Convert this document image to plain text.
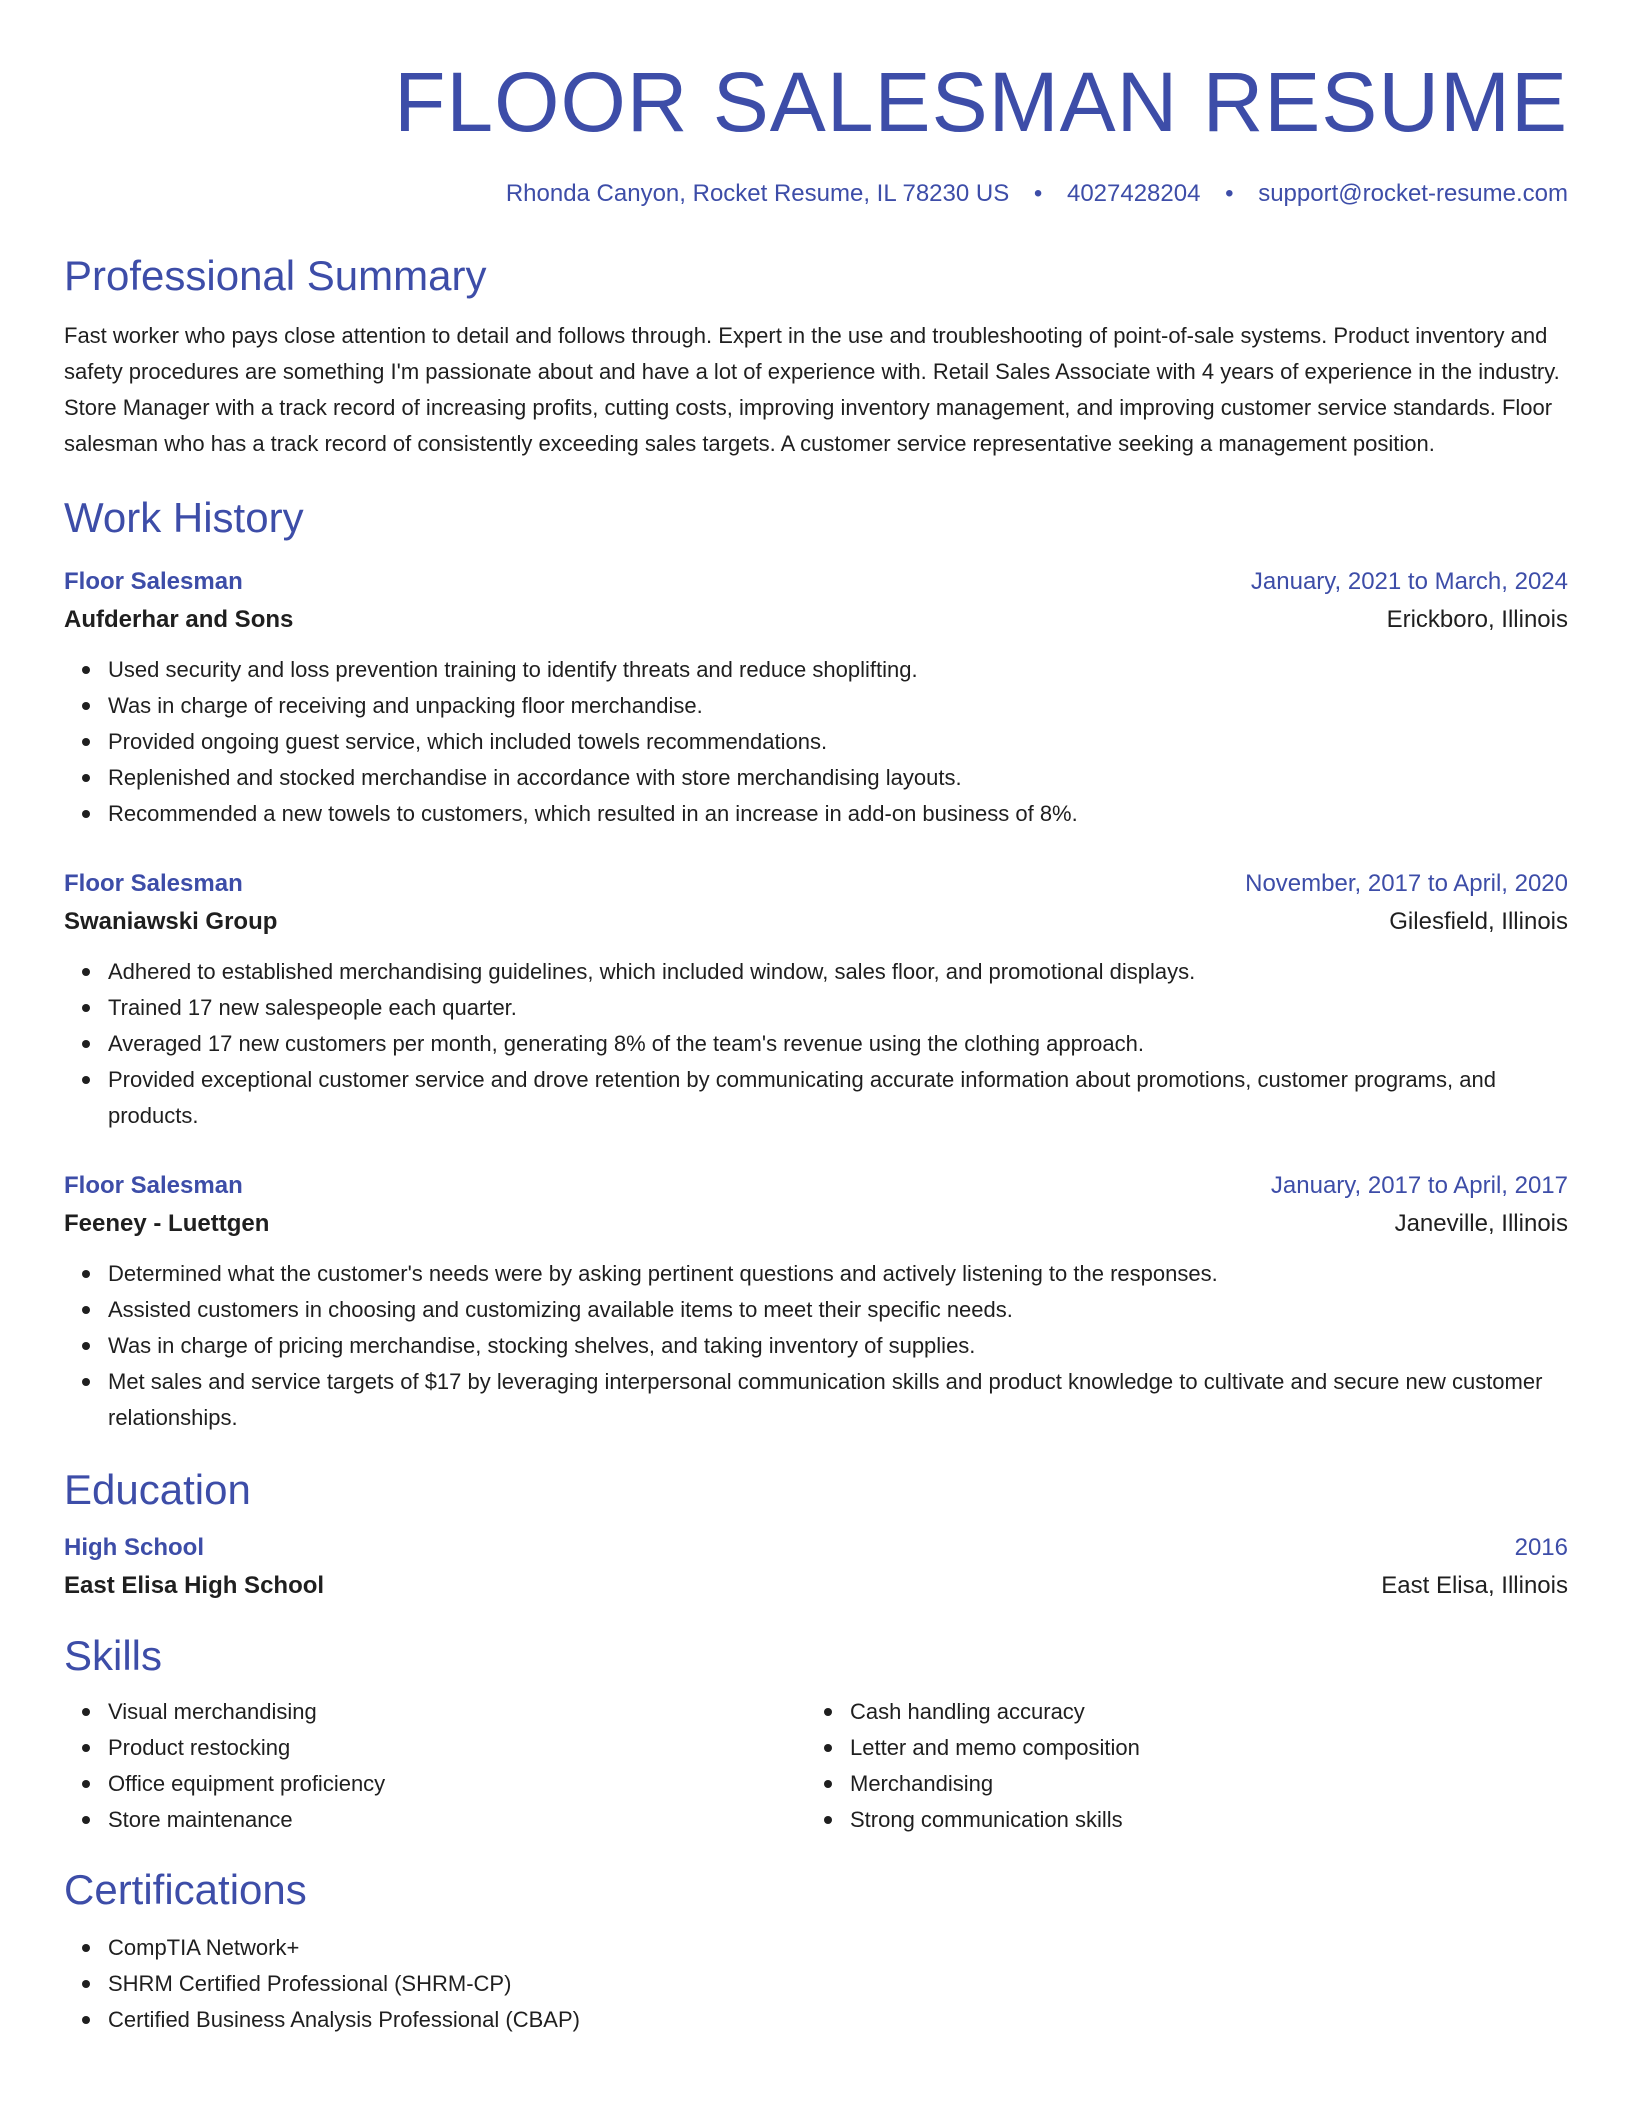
FLOOR SALESMAN RESUME
Rhonda Canyon, Rocket Resume, IL 78230 US • 4027428204 • support@rocket-resume.com
Professional Summary

Fast worker who pays close attention to detail and follows through. Expert in the use and troubleshooting of point-of-sale systems. Product inventory and safety procedures are something I'm passionate about and have a lot of experience with. Retail Sales Associate with 4 years of experience in the industry. Store Manager with a track record of increasing profits, cutting costs, improving inventory management, and improving customer service standards. Floor salesman who has a track record of consistently exceeding sales targets. A customer service representative seeking a management position.

Work History
Floor Salesman	January, 2021 to March, 2024
Aufderhar and Sons	Erickboro, Illinois
Used security and loss prevention training to identify threats and reduce shoplifting.
Was in charge of receiving and unpacking floor merchandise.
Provided ongoing guest service, which included towels recommendations.
Replenished and stocked merchandise in accordance with store merchandising layouts.
Recommended a new towels to customers, which resulted in an increase in add-on business of 8%.
Floor Salesman	November, 2017 to April, 2020
Swaniawski Group	Gilesfield, Illinois
Adhered to established merchandising guidelines, which included window, sales floor, and promotional displays.
Trained 17 new salespeople each quarter.
Averaged 17 new customers per month, generating 8% of the team's revenue using the clothing approach.
Provided exceptional customer service and drove retention by communicating accurate information about promotions, customer programs, and products.
Floor Salesman	January, 2017 to April, 2017
Feeney - Luettgen	Janeville, Illinois
Determined what the customer's needs were by asking pertinent questions and actively listening to the responses.
Assisted customers in choosing and customizing available items to meet their specific needs.
Was in charge of pricing merchandise, stocking shelves, and taking inventory of supplies.
Met sales and service targets of $17 by leveraging interpersonal communication skills and product knowledge to cultivate and secure new customer relationships.
Education
High School	2016
East Elisa High School	East Elisa, Illinois
Skills
Visual merchandising
Product restocking
Office equipment proficiency
Store maintenance
Cash handling accuracy
Letter and memo composition
Merchandising
Strong communication skills
Certifications
CompTIA Network+
SHRM Certified Professional (SHRM-CP)
Certified Business Analysis Professional (CBAP)
